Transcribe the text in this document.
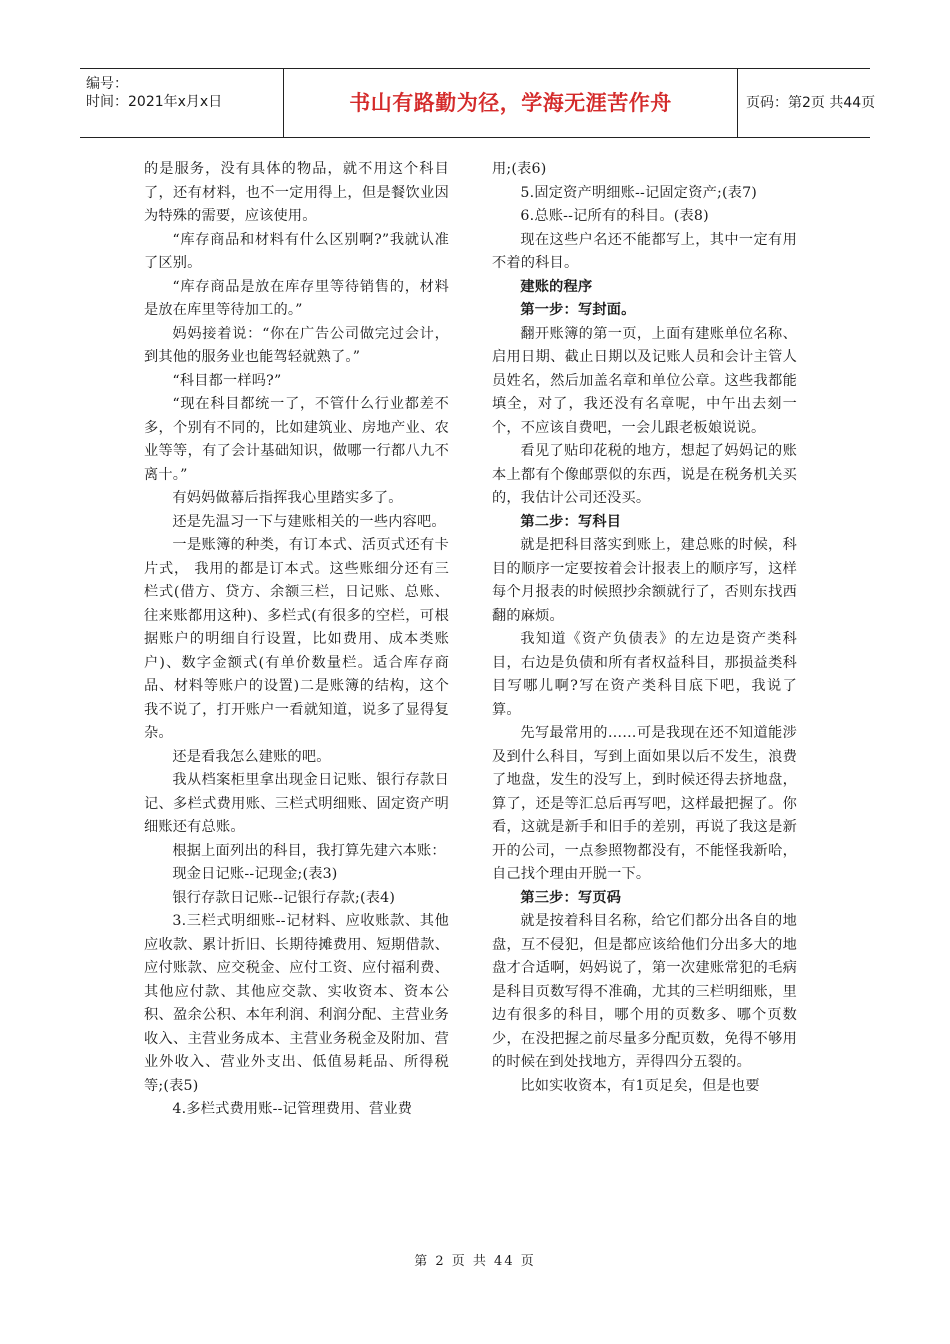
编号：
时间：2021年x月x日	书山有路勤为径，学海无涯苦作舟	页码：第2页 共44页

的是服务，没有具体的物品，就不用这个科目了，还有材料，也不一定用得上，但是餐饮业因为特殊的需要，应该使用。

“库存商品和材料有什么区别啊?”我就认准了区别。

“库存商品是放在库存里等待销售的，材料是放在库里等待加工的。”

妈妈接着说：“你在广告公司做完过会计，到其他的服务业也能驾轻就熟了。”

“科目都一样吗?”

“现在科目都统一了，不管什么行业都差不多，个别有不同的，比如建筑业、房地产业、农业等等，有了会计基础知识，做哪一行都八九不离十。”

有妈妈做幕后指挥我心里踏实多了。

还是先温习一下与建账相关的一些内容吧。

一是账簿的种类，有订本式、活页式还有卡片式， 我用的都是订本式。这些账细分还有三栏式(借方、贷方、余额三栏，日记账、总账、往来账都用这种)、多栏式(有很多的空栏，可根据账户的明细自行设置，比如费用、成本类账户)、数字金额式(有单价数量栏。适合库存商品、材料等账户的设置)二是账簿的结构，这个我不说了，打开账户一看就知道，说多了显得复杂。

还是看我怎么建账的吧。

我从档案柜里拿出现金日记账、银行存款日记、多栏式费用账、三栏式明细账、固定资产明细账还有总账。

根据上面列出的科目，我打算先建六本账：

现金日记账--记现金;(表3)

银行存款日记账--记银行存款;(表4)

3.三栏式明细账--记材料、应收账款、其他应收款、累计折旧、长期待摊费用、短期借款、应付账款、应交税金、应付工资、应付福利费、其他应付款、其他应交款、实收资本、资本公积、盈余公积、本年利润、利润分配、主营业务收入、主营业务成本、主营业务税金及附加、营业外收入、营业外支出、低值易耗品、所得税等;(表5)

4.多栏式费用账--记管理费用、营业费

用;(表6)

5.固定资产明细账--记固定资产;(表7)

6.总账--记所有的科目。(表8)

现在这些户名还不能都写上，其中一定有用不着的科目。

建账的程序

第一步：写封面。

翻开账簿的第一页，上面有建账单位名称、启用日期、截止日期以及记账人员和会计主管人员姓名，然后加盖名章和单位公章。这些我都能填全，对了，我还没有名章呢，中午出去刻一个，不应该自费吧，一会儿跟老板娘说说。

看见了贴印花税的地方，想起了妈妈记的账本上都有个像邮票似的东西，说是在税务机关买的，我估计公司还没买。

第二步：写科目

就是把科目落实到账上，建总账的时候，科目的顺序一定要按着会计报表上的顺序写，这样每个月报表的时候照抄余额就行了，否则东找西翻的麻烦。

我知道《资产负债表》的左边是资产类科目，右边是负债和所有者权益科目，那损益类科目写哪儿啊?写在资产类科目底下吧，我说了算。

先写最常用的……可是我现在还不知道能涉及到什么科目，写到上面如果以后不发生，浪费了地盘，发生的没写上，到时候还得去挤地盘，算了，还是等汇总后再写吧，这样最把握了。你看，这就是新手和旧手的差别，再说了我这是新开的公司，一点参照物都没有，不能怪我新哈，自己找个理由开脱一下。

第三步：写页码

就是按着科目名称，给它们都分出各自的地盘，互不侵犯，但是都应该给他们分出多大的地盘才合适啊，妈妈说了，第一次建账常犯的毛病是科目页数写得不准确，尤其的三栏明细账，里边有很多的科目，哪个用的页数多、哪个页数少，在没把握之前尽量多分配页数，免得不够用的时候在到处找地方，弄得四分五裂的。

比如实收资本，有1页足矣，但是也要

第 2 页 共 44 页
